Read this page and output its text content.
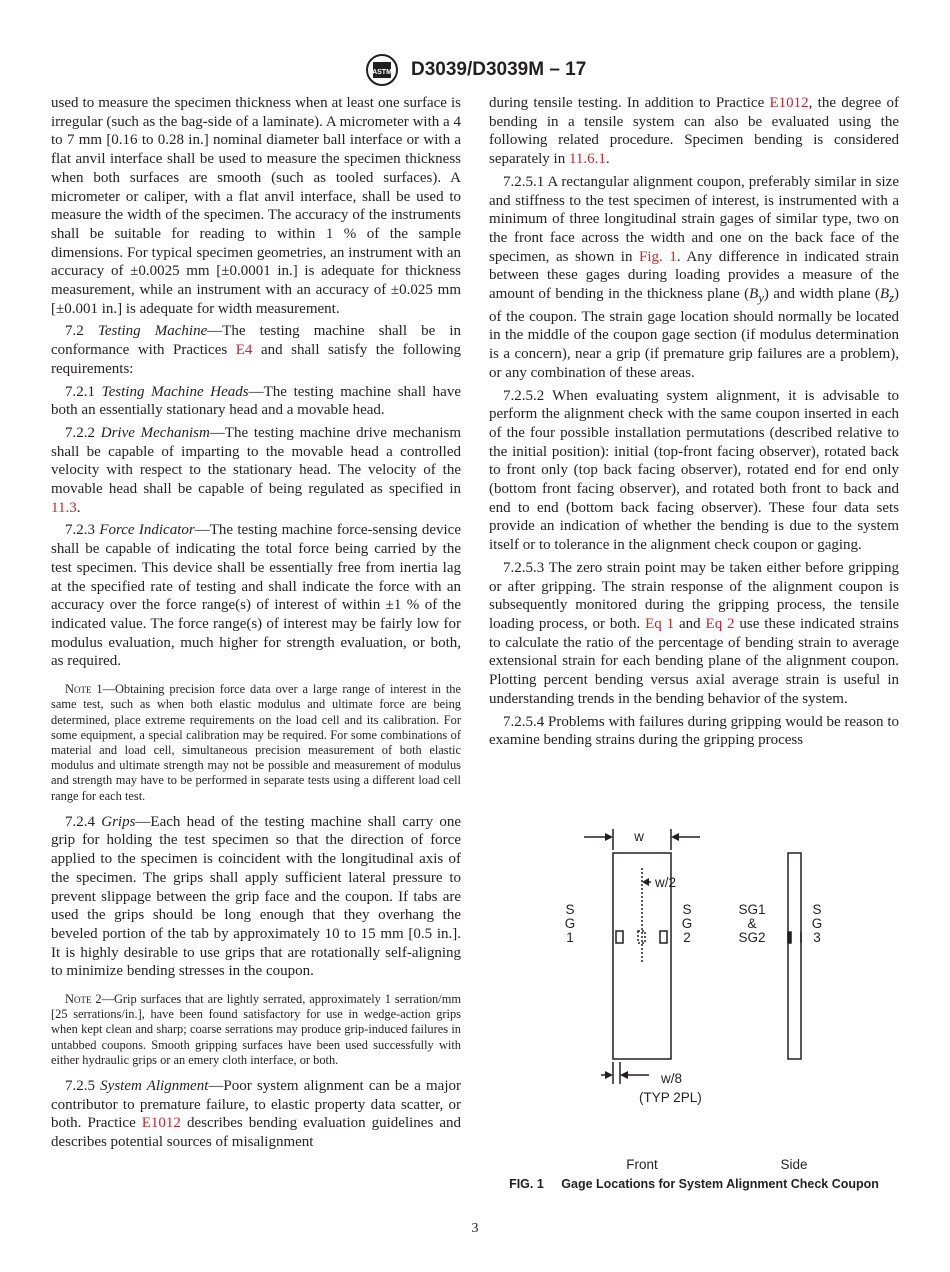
ASTM D3039/D3039M – 17

used to measure the specimen thickness when at least one surface is irregular (such as the bag-side of a laminate). A micrometer with a 4 to 7 mm [0.16 to 0.28 in.] nominal diameter ball interface or with a flat anvil interface shall be used to measure the specimen thickness when both surfaces are smooth (such as tooled surfaces). A micrometer or caliper, with a flat anvil interface, shall be used to measure the width of the specimen. The accuracy of the instruments shall be suitable for reading to within 1 % of the sample dimensions. For typical specimen geometries, an instrument with an accuracy of ±0.0025 mm [±0.0001 in.] is adequate for thickness measurement, while an instrument with an accuracy of ±0.025 mm [±0.001 in.] is adequate for width measurement.

7.2 Testing Machine—The testing machine shall be in conformance with Practices E4 and shall satisfy the following requirements:

7.2.1 Testing Machine Heads—The testing machine shall have both an essentially stationary head and a movable head.

7.2.2 Drive Mechanism—The testing machine drive mechanism shall be capable of imparting to the movable head a controlled velocity with respect to the stationary head. The velocity of the movable head shall be capable of being regulated as specified in 11.3.

7.2.3 Force Indicator—The testing machine force-sensing device shall be capable of indicating the total force being carried by the test specimen. This device shall be essentially free from inertia lag at the specified rate of testing and shall indicate the force with an accuracy over the force range(s) of interest of within ±1 % of the indicated value. The force range(s) of interest may be fairly low for modulus evaluation, much higher for strength evaluation, or both, as required.

Note 1—Obtaining precision force data over a large range of interest in the same test, such as when both elastic modulus and ultimate force are being determined, place extreme requirements on the load cell and its calibration. For some equipment, a special calibration may be required. For some combinations of material and load cell, simultaneous precision measurement of both elastic modulus and ultimate strength may not be possible and measurement of modulus and strength may have to be performed in separate tests using a different load cell range for each test.

7.2.4 Grips—Each head of the testing machine shall carry one grip for holding the test specimen so that the direction of force applied to the specimen is coincident with the longitudinal axis of the specimen. The grips shall apply sufficient lateral pressure to prevent slippage between the grip face and the coupon. If tabs are used the grips should be long enough that they overhang the beveled portion of the tab by approximately 10 to 15 mm [0.5 in.]. It is highly desirable to use grips that are rotationally self-aligning to minimize bending stresses in the coupon.

Note 2—Grip surfaces that are lightly serrated, approximately 1 serration/mm [25 serrations/in.], have been found satisfactory for use in wedge-action grips when kept clean and sharp; coarse serrations may produce grip-induced failures in untabbed coupons. Smooth gripping surfaces have been used successfully with either hydraulic grips or an emery cloth interface, or both.

7.2.5 System Alignment—Poor system alignment can be a major contributor to premature failure, to elastic property data scatter, or both. Practice E1012 describes bending evaluation guidelines and describes potential sources of misalignment

during tensile testing. In addition to Practice E1012, the degree of bending in a tensile system can also be evaluated using the following related procedure. Specimen bending is considered separately in 11.6.1.

7.2.5.1 A rectangular alignment coupon, preferably similar in size and stiffness to the test specimen of interest, is instrumented with a minimum of three longitudinal strain gages of similar type, two on the front face across the width and one on the back face of the specimen, as shown in Fig. 1. Any difference in indicated strain between these gages during loading provides a measure of the amount of bending in the thickness plane $(B_y)$ and width plane $(B_z)$ of the coupon. The strain gage location should normally be located in the middle of the coupon gage section (if modulus determination is a concern), near a grip (if premature grip failures are a problem), or any combination of these areas.

7.2.5.2 When evaluating system alignment, it is advisable to perform the alignment check with the same coupon inserted in each of the four possible installation permutations (described relative to the initial position): initial (top-front facing observer), rotated back to front only (top back facing observer), rotated end for end only (bottom front facing observer), and rotated both front to back and end to end (bottom back facing observer). These four data sets provide an indication of whether the bending is due to the system itself or to tolerance in the alignment check coupon or gaging.

7.2.5.3 The zero strain point may be taken either before gripping or after gripping. The strain response of the alignment coupon is subsequently monitored during the gripping process, the tensile loading process, or both. Eq 1 and Eq 2 use these indicated strains to calculate the ratio of the percentage of bending strain to average extensional strain for each bending plane of the alignment coupon. Plotting percent bending versus axial average strain is useful in understanding trends in the bending behavior of the system.

7.2.5.4 Problems with failures during gripping would be reason to examine bending strains during the gripping process

w
w/2
S
G
1
S
G
2
SG1
&
SG2
S
G
3
w/8
(TYP 2PL)
Front	Side
FIG. 1 Gage Locations for System Alignment Check Coupon
3
